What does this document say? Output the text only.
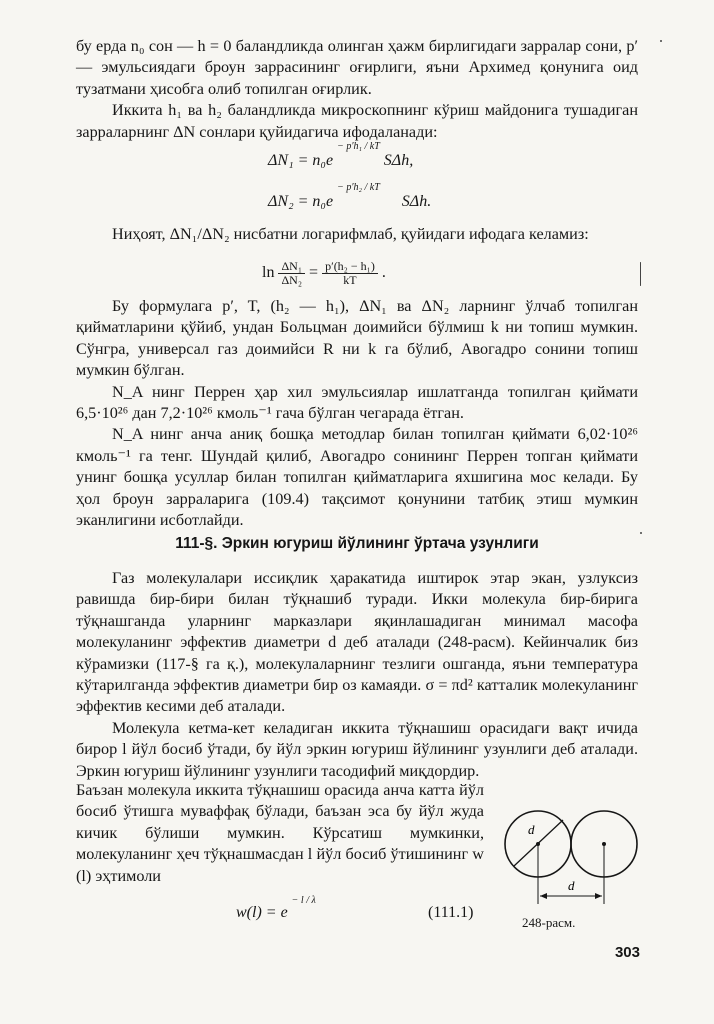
бу ерда n₀ сон — h = 0 баландликда олинган ҳажм бирлигидаги зарралар сони, p′ — эмульсиядаги броун зарраcининг оғирлиги, яъни Архимед қонунига оид тузатмани ҳисобга олиб топилган оғирлик.

Иккита h₁ ва h₂ баландликда микроскопнинг кўриш майдонига тушадиган зарраларнинг ΔN сонлари қуйидагича ифодаланади:

ΔN₁ = n₀e $^{- p'h_1 / kT}$ SΔh,
ΔN₂ = n₀e $^{- p'h_2 / kT}$ SΔh.

Ниҳоят, ΔN₁/ΔN₂ нисбатни логарифмлаб, қуйидаги ифодага келамиз:

$\ln \frac{\text{ΔN₁}}{\text{ΔN₂}} = \frac{\text{p′(h₂ − h₁)}}{kT}$ .

Бу формулага p′, T, (h₂ — h₁), ΔN₁ ва ΔN₂ ларнинг ўлчаб топилган қийматларини қўйиб, ундан Больцман доимийси бўлмиш k ни топиш мумкин. Сўнгра, универсал газ доимийси R ни k га бўлиб, Авогадро сонини топиш мумкин бўлган.

N_A нинг Перрен ҳар хил эмульсиялар ишлатганда топилган қиймати 6,5·10²⁶ дан 7,2·10²⁶ кмоль⁻¹ гача бўлган чегарада ётган.

N_A нинг анча аниқ бошқа методлар билан топилган қиймати 6,02·10²⁶ кмоль⁻¹ га тенг. Шундай қилиб, Авогадро сонининг Перрен топган қиймати унинг бошқа усуллар билан топилган қийматларига яхшигина мос келади. Бу ҳол броун зарраларига (109.4) тақсимот қонунини татбиқ этиш мумкин эканлигини исботлайди.

111-§. Эркин югуриш йўлининг ўртача узунлиги

Газ молекулалари иссиқлик ҳаракатида иштирок этар экан, узлуксиз равишда бир-бири билан тўқнашиб туради. Икки молекула бир-бирига тўқнашганда уларнинг марказлари яқинлашадиган минимал масофа молекуланинг эффектив диаметри d деб аталади (248-расм). Кейинчалик биз кўрамизки (117-§ га қ.), молекулаларнинг тезлиги ошганда, яъни температура кўтарилганда эффектив диаметри бир оз камаяди. σ = πd² катталик молекуланинг эффектив кесими деб аталади.

Молекула кетма-кет келадиган иккита тўқнашиш орасидаги вақт ичида бирор l йўл босиб ўтади, бу йўл эркин югуриш йўлининг узунлиги деб аталади. Эркин югуриш йўлининг узунлиги тасодифий миқдордир.

Баъзан молекула иккита тўқнашиш орасида анча катта йўл босиб ўтишга муваффақ бўлади, баъзан эса бу йўл жуда кичик бўлиши мумкин. Кўрсатиш мумкинки, молекуланинг ҳеч тўқнашмасдан l йўл босиб ўтишининг w (l) эҳтимоли

d
d
248-расм.
w(l) = e $^{- l / \lambda}$
(111.1)
303
